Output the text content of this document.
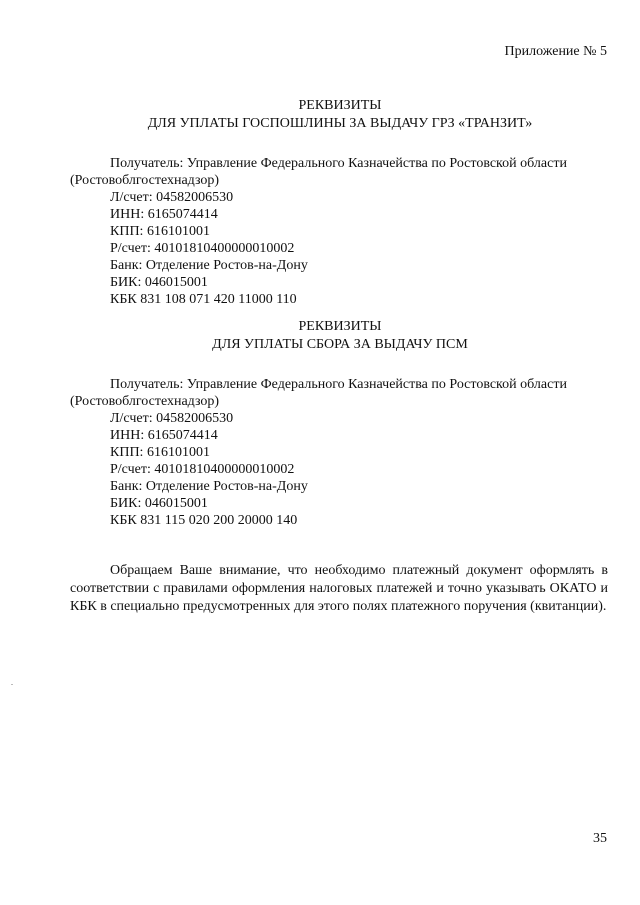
Приложение № 5
РЕКВИЗИТЫ
ДЛЯ УПЛАТЫ ГОСПОШЛИНЫ ЗА ВЫДАЧУ ГРЗ «ТРАНЗИТ»
Получатель: Управление Федерального Казначейства по Ростовской области
(Ростовоблгостехнадзор)
Л/счет: 04582006530
ИНН: 6165074414
КПП: 616101001
Р/счет: 40101810400000010002
Банк: Отделение Ростов-на-Дону
БИК: 046015001
КБК 831 108 071 420 11000 110
РЕКВИЗИТЫ
ДЛЯ УПЛАТЫ СБОРА ЗА ВЫДАЧУ ПСМ
Получатель: Управление Федерального Казначейства по Ростовской области
(Ростовоблгостехнадзор)
Л/счет: 04582006530
ИНН: 6165074414
КПП: 616101001
Р/счет: 40101810400000010002
Банк: Отделение Ростов-на-Дону
БИК: 046015001
КБК 831 115 020 200 20000 140
Обращаем Ваше внимание, что необходимо платежный документ оформлять в соответствии с правилами оформления налоговых платежей и точно указывать ОКАТО и КБК в специально предусмотренных для этого полях платежного поручения (квитанции).
35
